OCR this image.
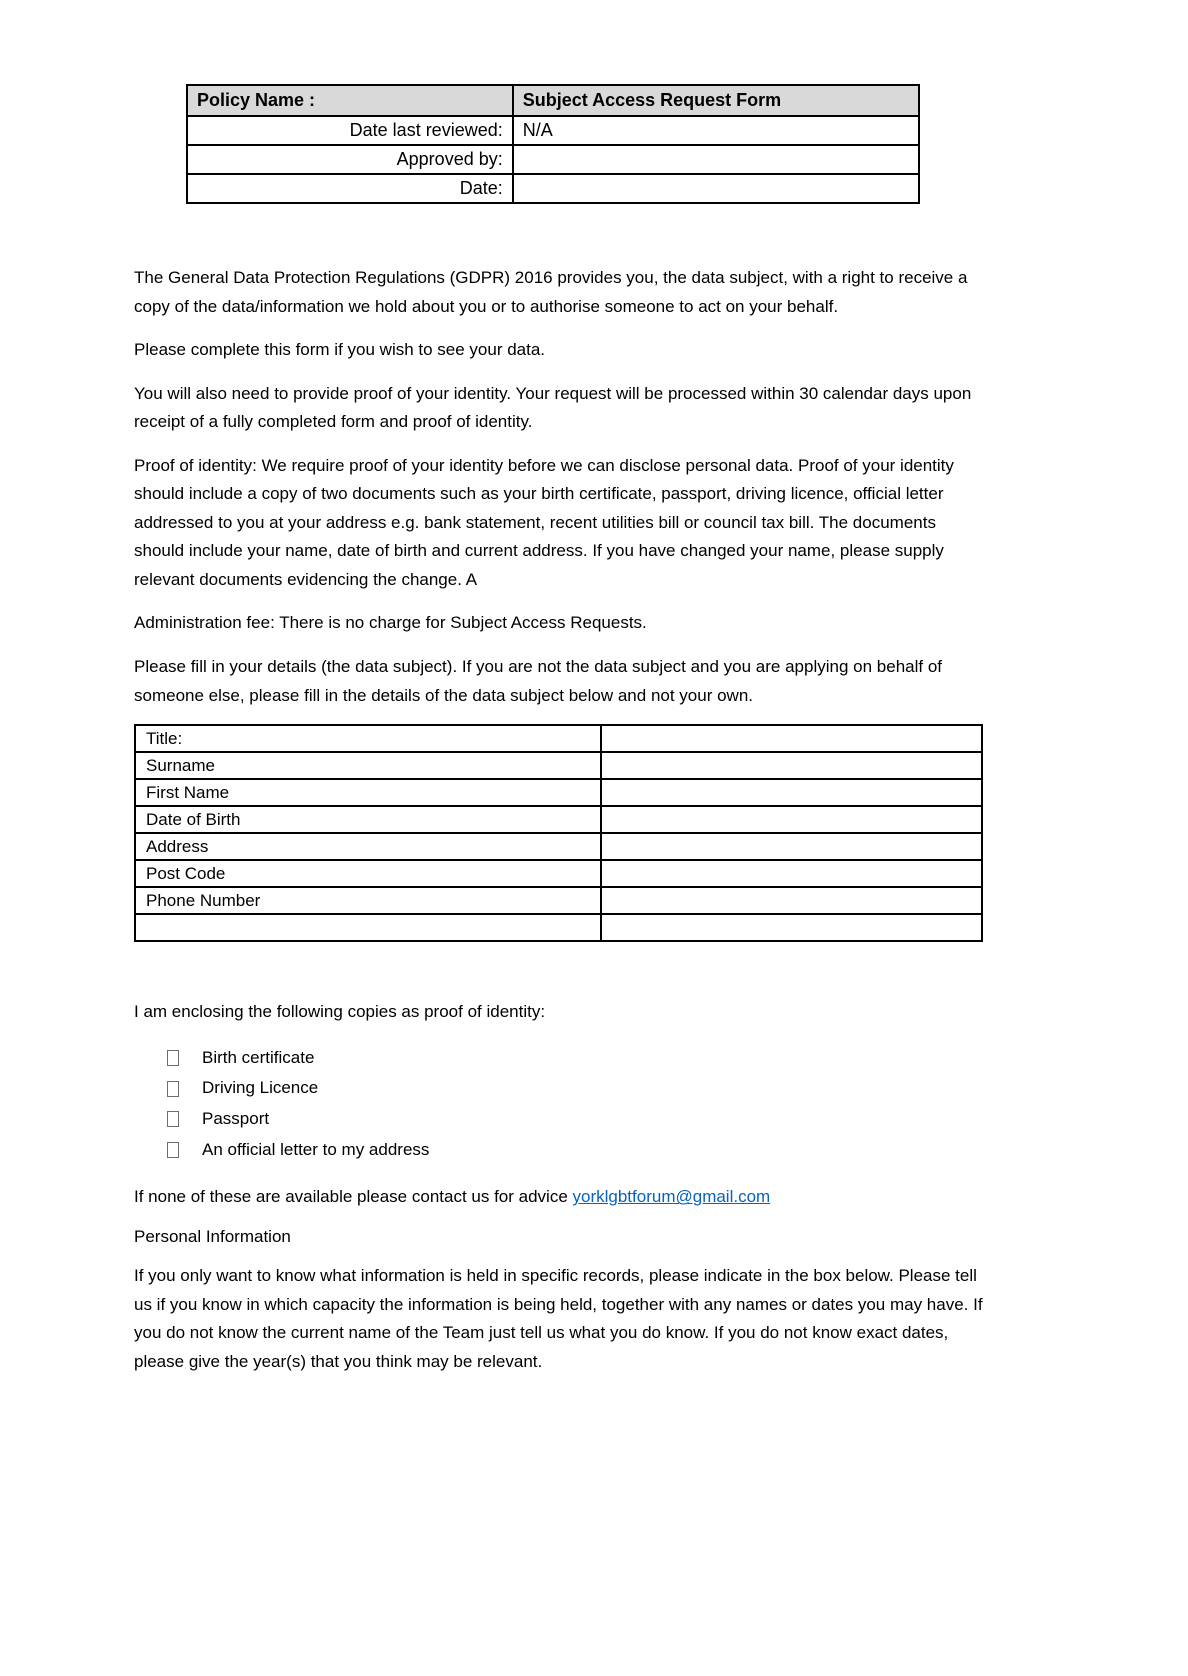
Policy Name :	Subject Access Request Form
Date last reviewed:	N/A
Approved by:	
Date:	

The General Data Protection Regulations (GDPR) 2016 provides you, the data subject, with a right to receive a copy of the data/information we hold about you or to authorise someone to act on your behalf.

Please complete this form if you wish to see your data.

You will also need to provide proof of your identity. Your request will be processed within 30 calendar days upon receipt of a fully completed form and proof of identity.

Proof of identity: We require proof of your identity before we can disclose personal data. Proof of your identity should include a copy of two documents such as your birth certificate, passport, driving licence, official letter addressed to you at your address e.g. bank statement, recent utilities bill or council tax bill. The documents should include your name, date of birth and current address. If you have changed your name, please supply relevant documents evidencing the change. A

Administration fee: There is no charge for Subject Access Requests.

Please fill in your details (the data subject). If you are not the data subject and you are applying on behalf of someone else, please fill in the details of the data subject below and not your own.

Title:	
Surname	
First Name	
Date of Birth	
Address	
Post Code	
Phone Number	

I am enclosing the following copies as proof of identity:

Birth certificate
Driving Licence
Passport
An official letter to my address

If none of these are available please contact us for advice yorklgbtforum@gmail.com

Personal Information

If you only want to know what information is held in specific records, please indicate in the box below. Please tell us if you know in which capacity the information is being held, together with any names or dates you may have. If you do not know the current name of the Team just tell us what you do know. If you do not know exact dates, please give the year(s) that you think may be relevant.
